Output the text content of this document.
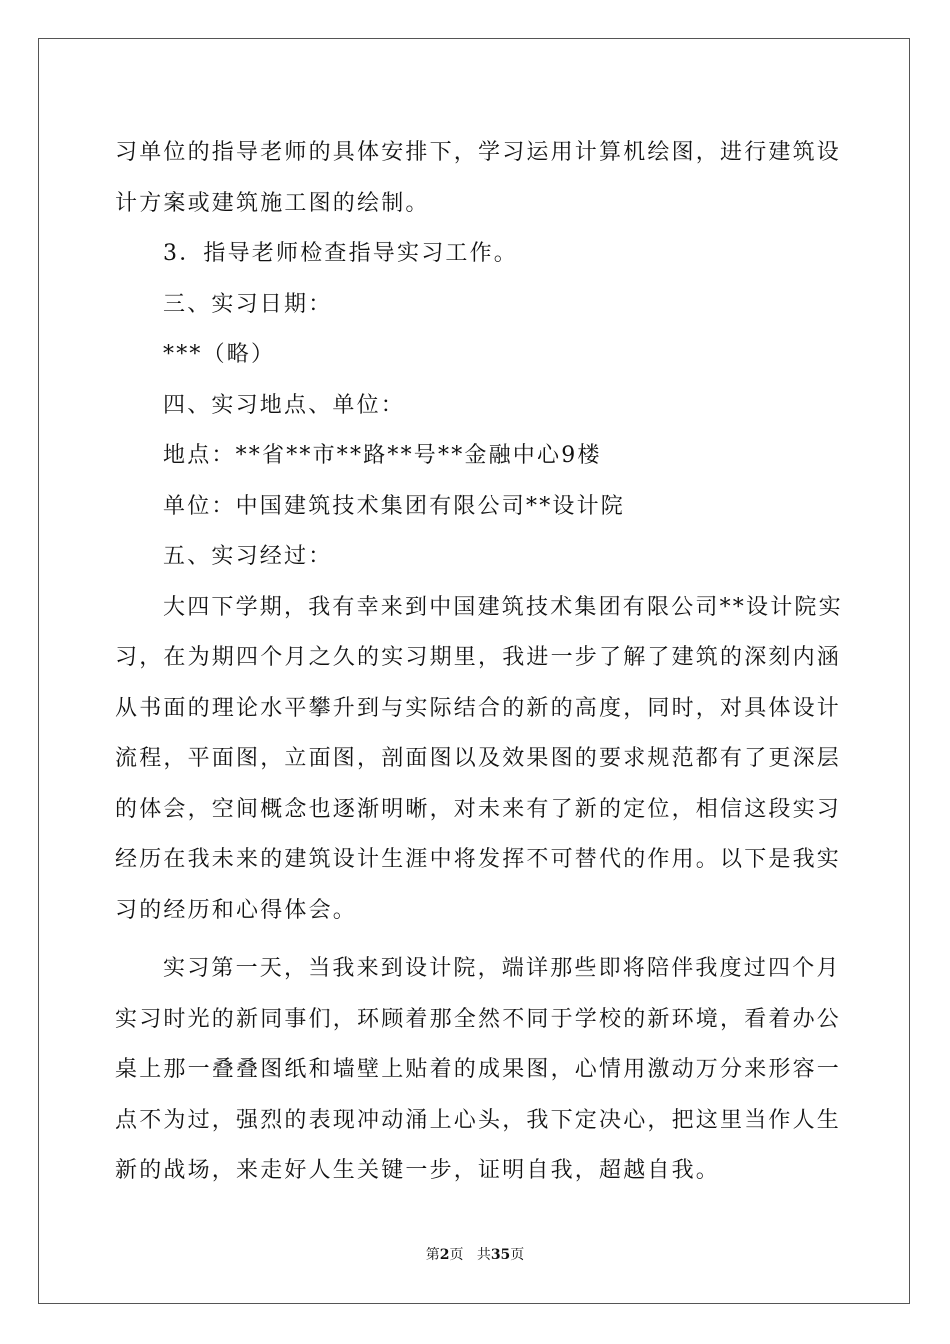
习单位的指导老师的具体安排下，学习运用计算机绘图，进行建筑设
计方案或建筑施工图的绘制。
3．指导老师检查指导实习工作。
三、实习日期：
***（略）
四、实习地点、单位：
地点：**省**市**路**号**金融中心9楼
单位：中国建筑技术集团有限公司**设计院
五、实习经过：
大四下学期，我有幸来到中国建筑技术集团有限公司**设计院实
习，在为期四个月之久的实习期里，我进一步了解了建筑的深刻内涵
从书面的理论水平攀升到与实际结合的新的高度，同时，对具体设计
流程，平面图，立面图，剖面图以及效果图的要求规范都有了更深层
的体会，空间概念也逐渐明晰，对未来有了新的定位，相信这段实习
经历在我未来的建筑设计生涯中将发挥不可替代的作用。以下是我实
习的经历和心得体会。
实习第一天，当我来到设计院，端详那些即将陪伴我度过四个月
实习时光的新同事们，环顾着那全然不同于学校的新环境，看着办公
桌上那一叠叠图纸和墙壁上贴着的成果图，心情用激动万分来形容一
点不为过，强烈的表现冲动涌上心头，我下定决心，把这里当作人生
新的战场，来走好人生关键一步，证明自我，超越自我。
第2页 共35页
